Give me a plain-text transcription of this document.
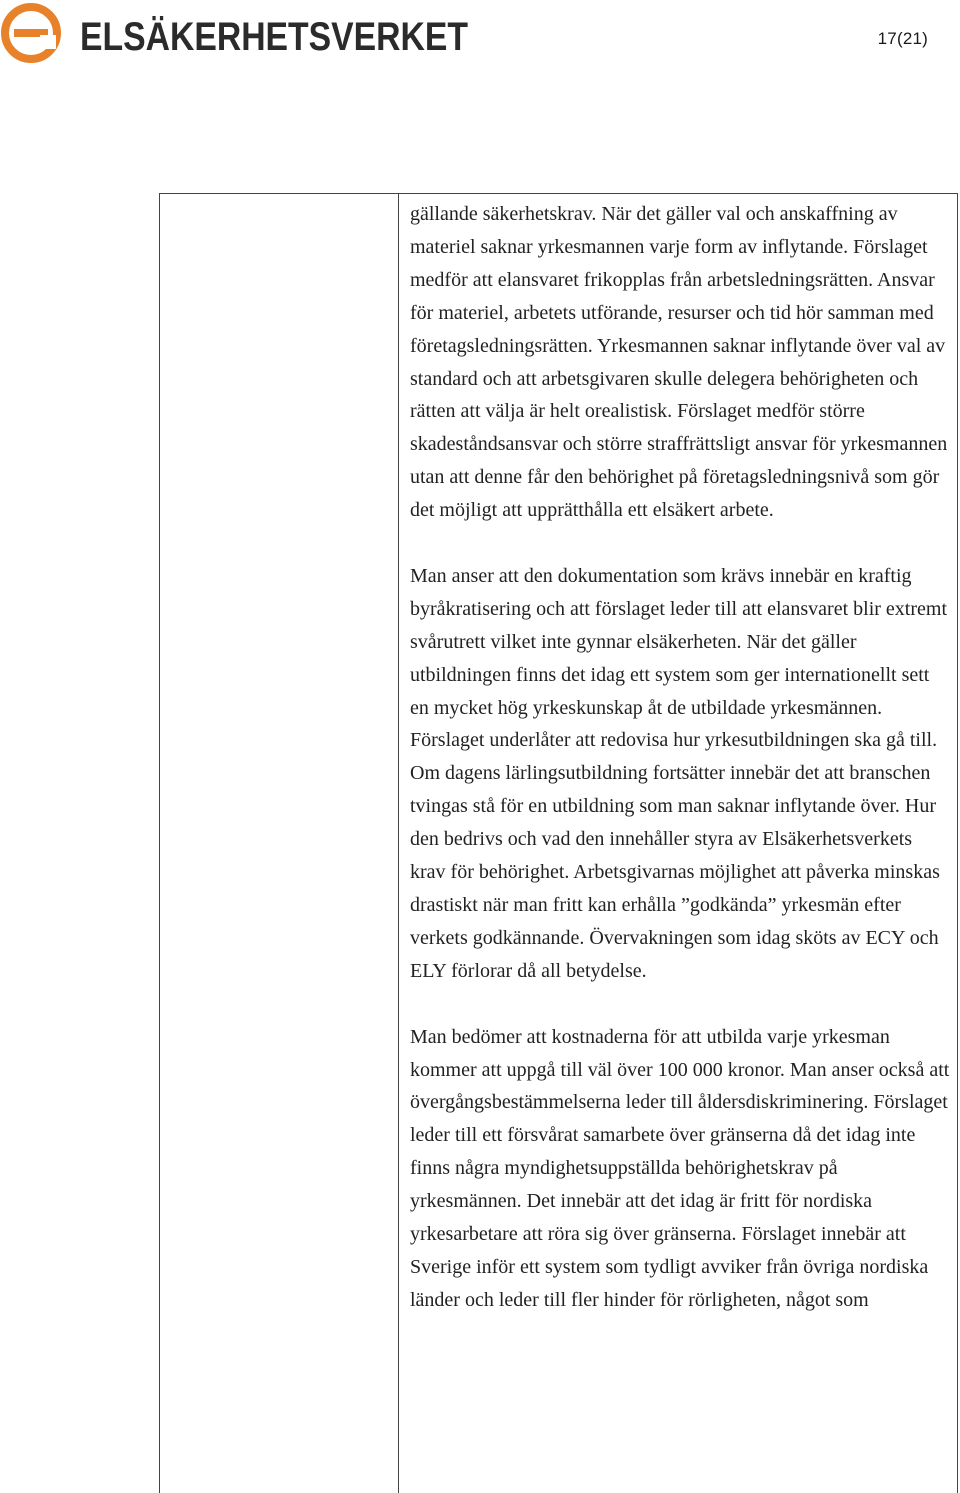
ELSÄKERHETSVERKET	17(21)

gällande säkerhetskrav. När det gäller val och anskaffning av materiel saknar yrkesmannen varje form av inflytande. Förslaget medför att elansvaret frikopplas från arbetsledningsrätten. Ansvar för materiel, arbetets utförande, resurser och tid hör samman med företagsledningsrätten. Yrkesmannen saknar inflytande över val av standard och att arbetsgivaren skulle delegera behörigheten och rätten att välja är helt orealistisk. Förslaget medför större skadeståndsansvar och större straffrättsligt ansvar för yrkesmannen utan att denne får den behörighet på företagsledningsnivå som gör det möjligt att upprätthålla ett elsäkert arbete.

Man anser att den dokumentation som krävs innebär en kraftig byråkratisering och att förslaget leder till att elansvaret blir extremt svårutrett vilket inte gynnar elsäkerheten. När det gäller utbildningen finns det idag ett system som ger internationellt sett en mycket hög yrkeskunskap åt de utbildade yrkesmännen. Förslaget underlåter att redovisa hur yrkesutbildningen ska gå till. Om dagens lärlingsutbildning fortsätter innebär det att branschen tvingas stå för en utbildning som man saknar inflytande över. Hur den bedrivs och vad den innehåller styra av Elsäkerhetsverkets krav för behörighet. Arbetsgivarnas möjlighet att påverka minskas drastiskt när man fritt kan erhålla ”godkända” yrkesmän efter verkets godkännande. Övervakningen som idag sköts av ECY och ELY förlorar då all betydelse.

Man bedömer att kostnaderna för att utbilda varje yrkesman kommer att uppgå till väl över 100 000 kronor. Man anser också att övergångsbestämmelserna leder till åldersdiskriminering. Förslaget leder till ett försvårat samarbete över gränserna då det idag inte finns några myndighetsuppställda behörighetskrav på yrkesmännen. Det innebär att det idag är fritt för nordiska yrkesarbetare att röra sig över gränserna. Förslaget innebär att Sverige inför ett system som tydligt avviker från övriga nordiska länder och leder till fler hinder för rörligheten, något som
